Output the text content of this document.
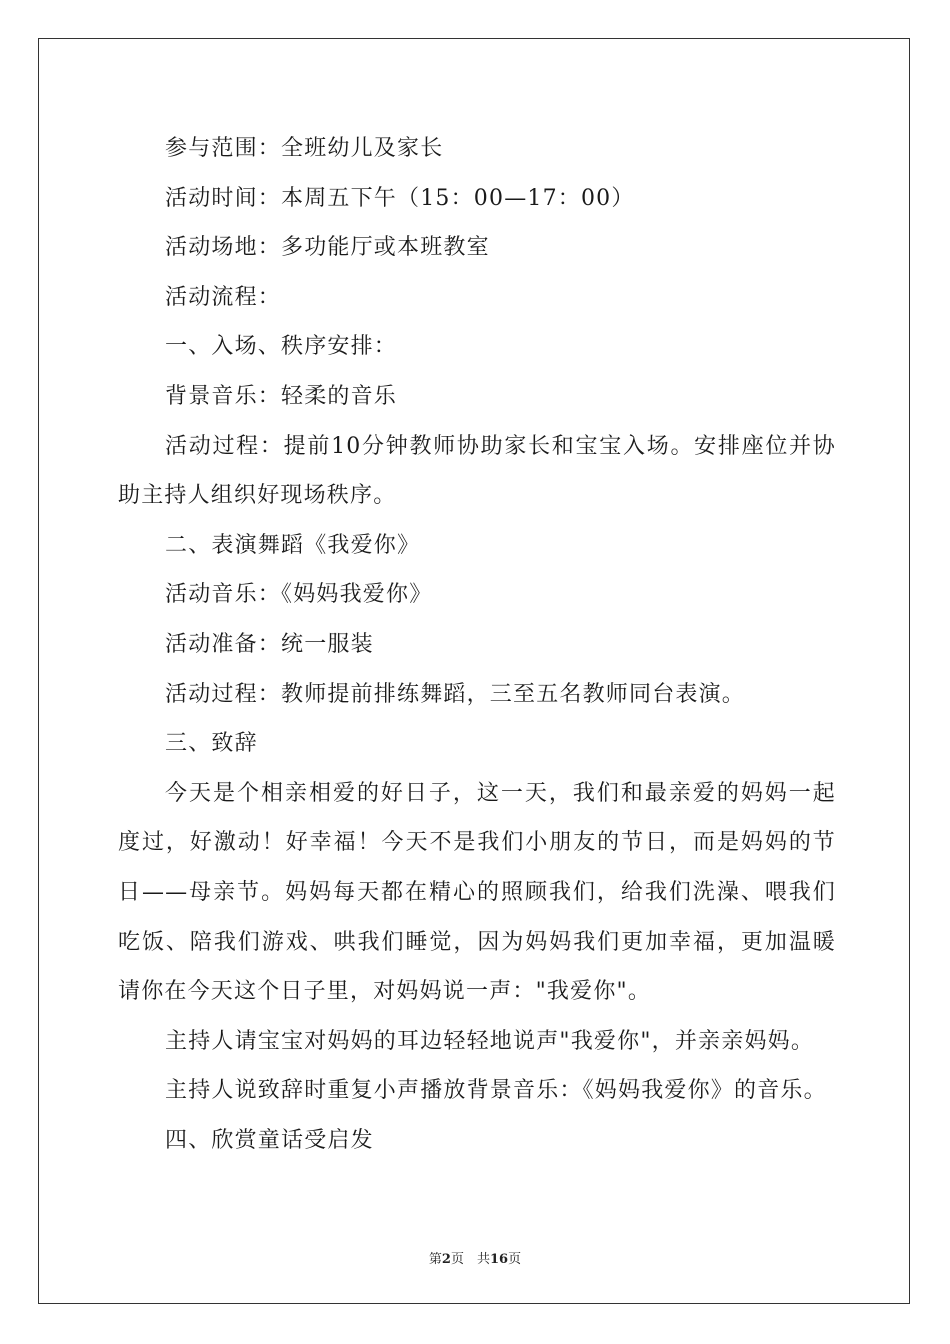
参与范围：全班幼儿及家长
活动时间：本周五下午（15：00—17：00）
活动场地：多功能厅或本班教室
活动流程：
一、入场、秩序安排：
背景音乐：轻柔的音乐

活动过程：提前10分钟教师协助家长和宝宝入场。安排座位并协助主持人组织好现场秩序。

二、表演舞蹈《我爱你》
活动音乐：《妈妈我爱你》
活动准备：统一服装
活动过程：教师提前排练舞蹈，三至五名教师同台表演。
三、致辞

今天是个相亲相爱的好日子，这一天，我们和最亲爱的妈妈一起度过，好激动！好幸福！今天不是我们小朋友的节日，而是妈妈的节日——母亲节。妈妈每天都在精心的照顾我们，给我们洗澡、喂我们吃饭、陪我们游戏、哄我们睡觉，因为妈妈我们更加幸福，更加温暖请你在今天这个日子里，对妈妈说一声："我爱你"。

主持人请宝宝对妈妈的耳边轻轻地说声"我爱你"，并亲亲妈妈。
主持人说致辞时重复小声播放背景音乐：《妈妈我爱你》的音乐。
四、欣赏童话受启发
第2页　共16页
